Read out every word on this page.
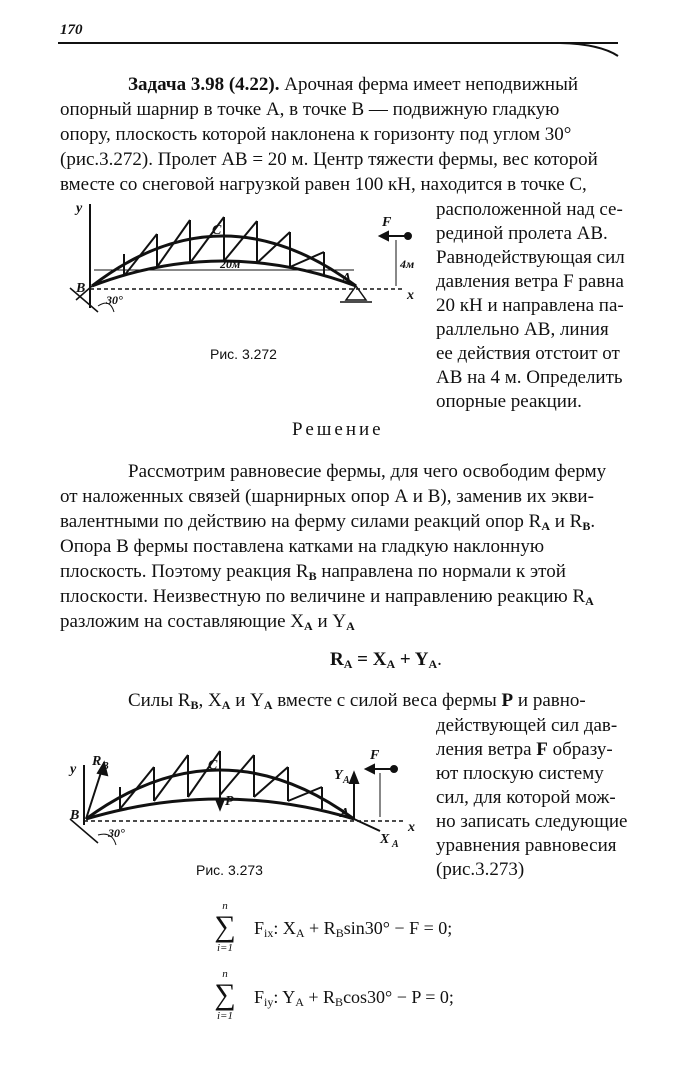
170
Задача 3.98 (4.22). Арочная ферма имеет неподвижный
опорный шарнир в точке А, в точке В — подвижную гладкую
опору, плоскость которой наклонена к горизонту под углом 30°
(рис.3.272). Пролет AB = 20 м. Центр тяжести фермы, вес которой
вместе со снеговой нагрузкой равен 100 кН, находится в точке С,
расположенной над се-
рединой пролета AB.
Равнодействующая сил
давления ветра F равна
20 кН и направлена па-
раллельно AB, линия
ее действия отстоит от
AB на 4 м. Определить
опорные реакции.
y
x
B
A
C
F
20м	4м
30°
Рис. 3.272
Решение
Рассмотрим равновесие фермы, для чего освободим ферму
от наложенных связей (шарнирных опор А и В), заменив их экви-
валентными по действию на ферму силами реакций опор $R_A$ и $R_B$.
Опора В фермы поставлена катками на гладкую наклонную
плоскость. Поэтому реакция $R_B$ направлена по нормали к этой
плоскости. Неизвестную по величине и направлению реакцию $R_A$
разложим на составляющие $X_A$ и $Y_A$
$R_A = X_A + Y_A$.
Силы $R_B$, $X_A$ и $Y_A$ вместе с силой веса фермы P и равно-
действующей сил дав-
ления ветра F образу-
ют плоскую систему
сил, для которой мож-
но записать следующие
уравнения равновесия
(рис.3.273)
y
R B
B	A
C
P
F
Y A
X A
x
30°
Рис. 3.273
n
∑
i=1
$F_{ix}$: $X_A + R_B\sin 30^\circ - F = 0$;
n
∑
i=1
$F_{iy}$: $Y_A + R_B\cos 30^\circ - P = 0$;
